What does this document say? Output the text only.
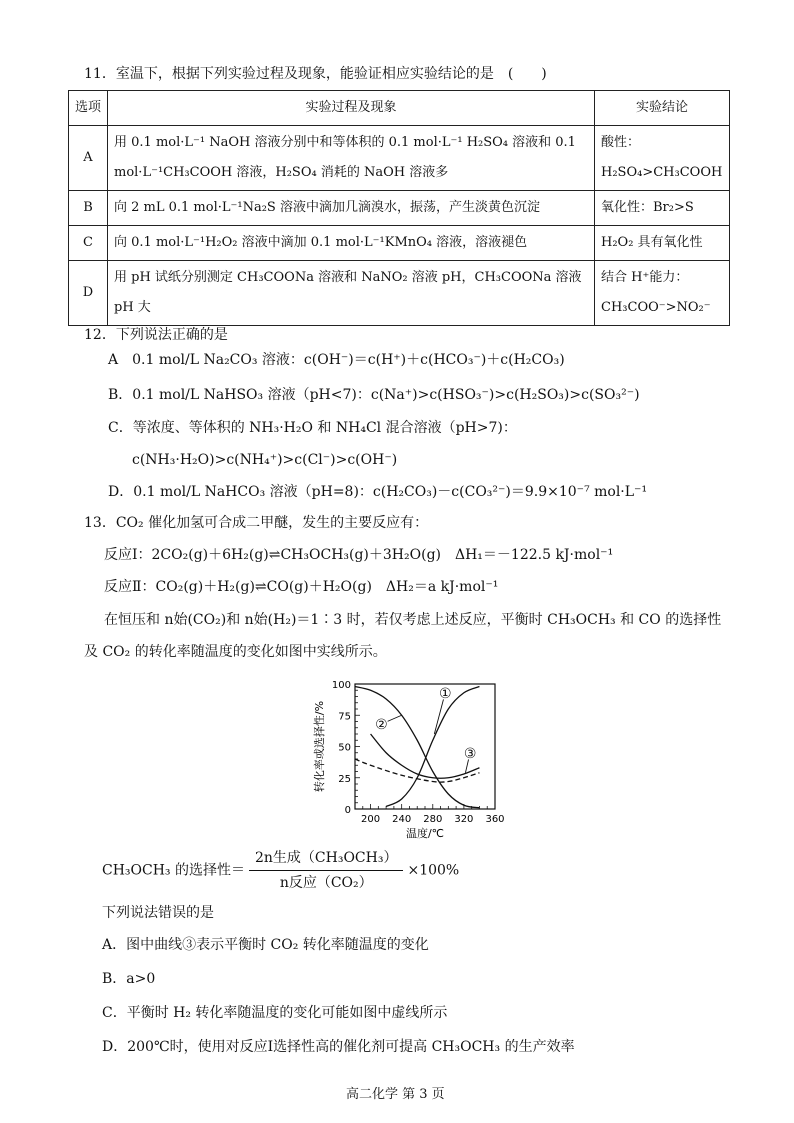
11．室温下，根据下列实验过程及现象，能验证相应实验结论的是　(　　)
选项	实验过程及现象	实验结论
A	用 0.1 mol·L⁻¹ NaOH 溶液分别中和等体积的 0.1 mol·L⁻¹ H₂SO₄ 溶液和 0.1 mol·L⁻¹CH₃COOH 溶液，H₂SO₄ 消耗的 NaOH 溶液多	酸性：H₂SO₄>CH₃COOH
B	向 2 mL 0.1 mol·L⁻¹Na₂S 溶液中滴加几滴溴水，振荡，产生淡黄色沉淀	氧化性：Br₂>S
C	向 0.1 mol·L⁻¹H₂O₂ 溶液中滴加 0.1 mol·L⁻¹KMnO₄ 溶液，溶液褪色	H₂O₂ 具有氧化性
D	用 pH 试纸分别测定 CH₃COONa 溶液和 NaNO₂ 溶液 pH，CH₃COONa 溶液 pH 大	结合 H⁺能力：CH₃COO⁻>NO₂⁻
12．下列说法正确的是
A　0.1 mol/L Na₂CO₃ 溶液：c(OH⁻)＝c(H⁺)＋c(HCO₃⁻)＋c(H₂CO₃)
B．0.1 mol/L NaHSO₃ 溶液（pH<7)：c(Na⁺)>c(HSO₃⁻)>c(H₂SO₃)>c(SO₃²⁻)
C．等浓度、等体积的 NH₃·H₂O 和 NH₄Cl 混合溶液（pH>7)：
c(NH₃·H₂O)>c(NH₄⁺)>c(Cl⁻)>c(OH⁻)
D．0.1 mol/L NaHCO₃ 溶液（pH=8)：c(H₂CO₃)－c(CO₃²⁻)＝9.9×10⁻⁷ mol·L⁻¹
13．CO₂ 催化加氢可合成二甲醚，发生的主要反应有：
反应Ⅰ：2CO₂(g)＋6H₂(g)⇌CH₃OCH₃(g)＋3H₂O(g)　ΔH₁＝－122.5 kJ·mol⁻¹
反应Ⅱ：CO₂(g)＋H₂(g)⇌CO(g)＋H₂O(g)　ΔH₂＝a kJ·mol⁻¹
在恒压和 n始(CO₂)和 n始(H₂)＝1∶3 时，若仅考虑上述反应，平衡时 CH₃OCH₃ 和 CO 的选择性
及 CO₂ 的转化率随温度的变化如图中实线所示。
200 240 280 320 360
0
25
50
75
100
温度/℃
转化率或选择性/%
①
②
③
CH₃OCH₃ 的选择性＝ $\frac{\text{2n生成（CH₃OCH₃）}}{\text{n反应（CO₂）}} \times 100\%$
下列说法错误的是
A．图中曲线③表示平衡时 CO₂ 转化率随温度的变化
B．a>0
C．平衡时 H₂ 转化率随温度的变化可能如图中虚线所示
D．200℃时，使用对反应Ⅰ选择性高的催化剂可提高 CH₃OCH₃ 的生产效率
高二化学 第 3 页
